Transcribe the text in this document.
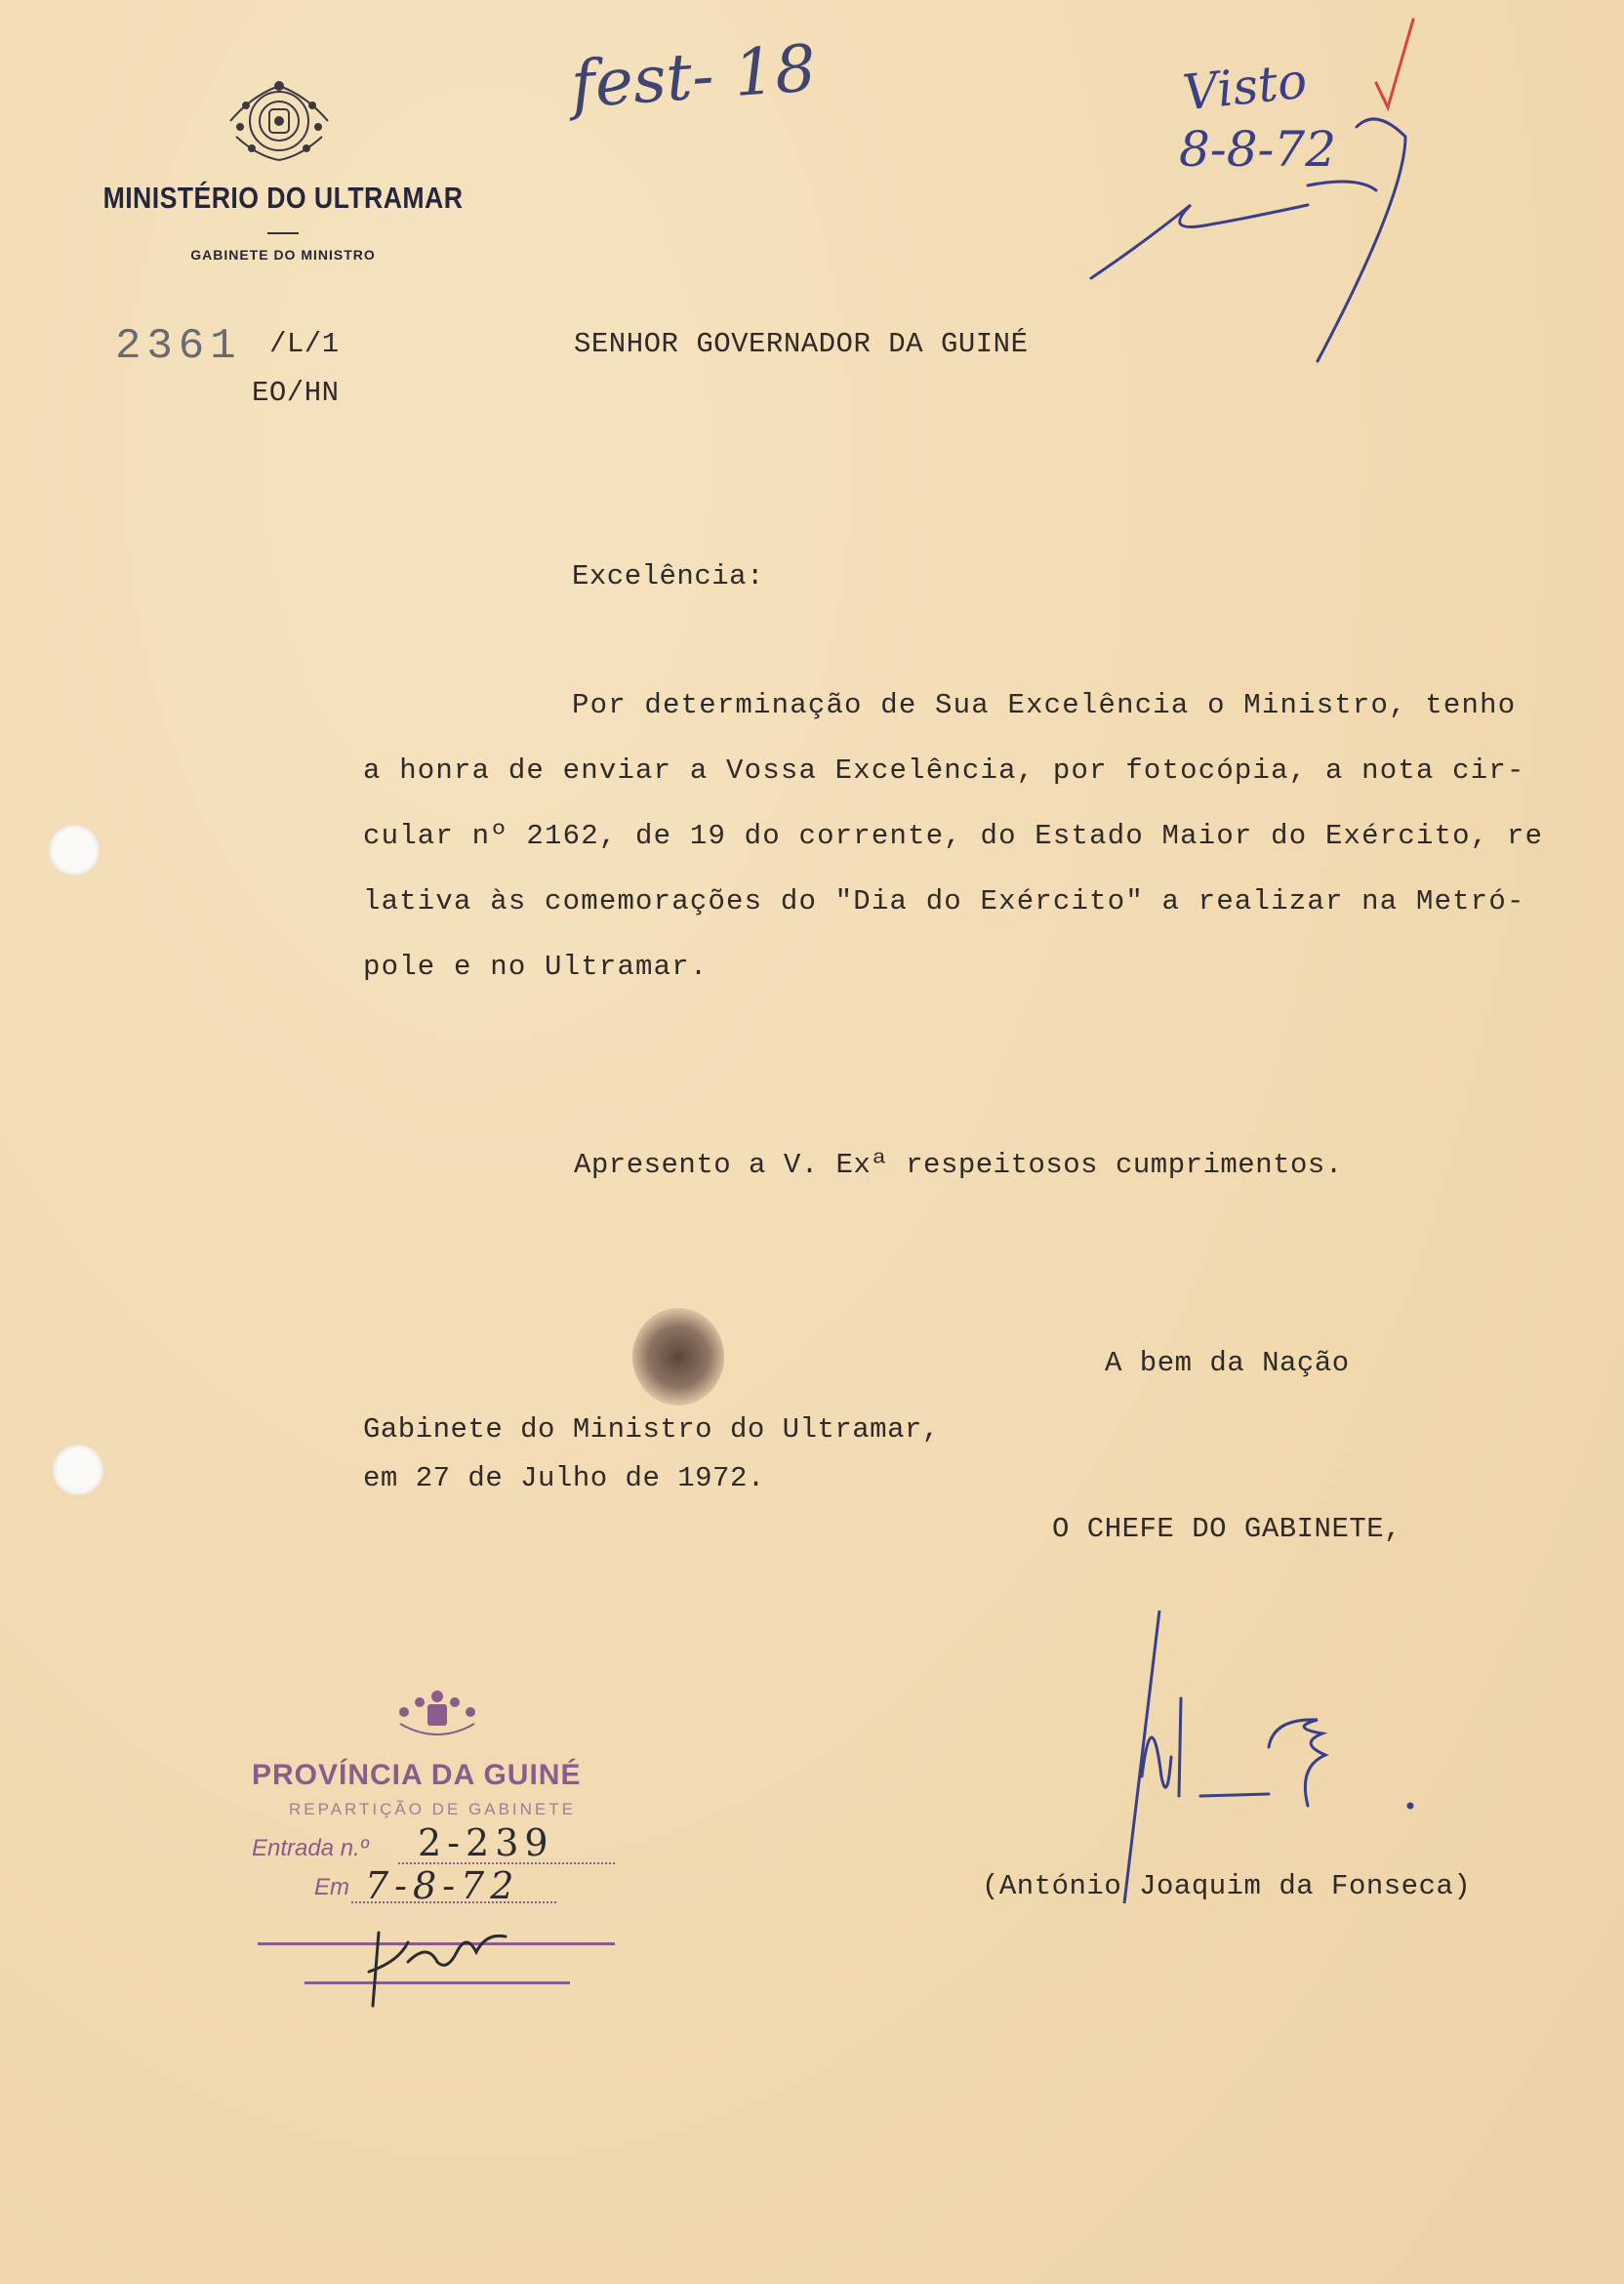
MINISTÉRIO DO ULTRAMAR
GABINETE DO MINISTRO
2361 /L/1
EO/HN
SENHOR GOVERNADOR DA GUINÉ
Excelência:
Por determinação de Sua Excelência o Ministro, tenho
a honra de enviar a Vossa Excelência, por fotocópia, a nota cir-
cular nº 2162, de 19 do corrente, do Estado Maior do Exército, re
lativa às comemorações do "Dia do Exército" a realizar na Metró-
pole e no Ultramar.
Apresento a V. Exª respeitosos cumprimentos.
A bem da Nação
Gabinete do Ministro do Ultramar,
em 27 de Julho de 1972.
O CHEFE DO GABINETE,
(António Joaquim da Fonseca)
fest- 18	Visto
8-8-72
PROVÍNCIA DA GUINÉ
REPARTIÇÃO DE GABINETE
Entrada n.º 2-239
Em 7-8-72
